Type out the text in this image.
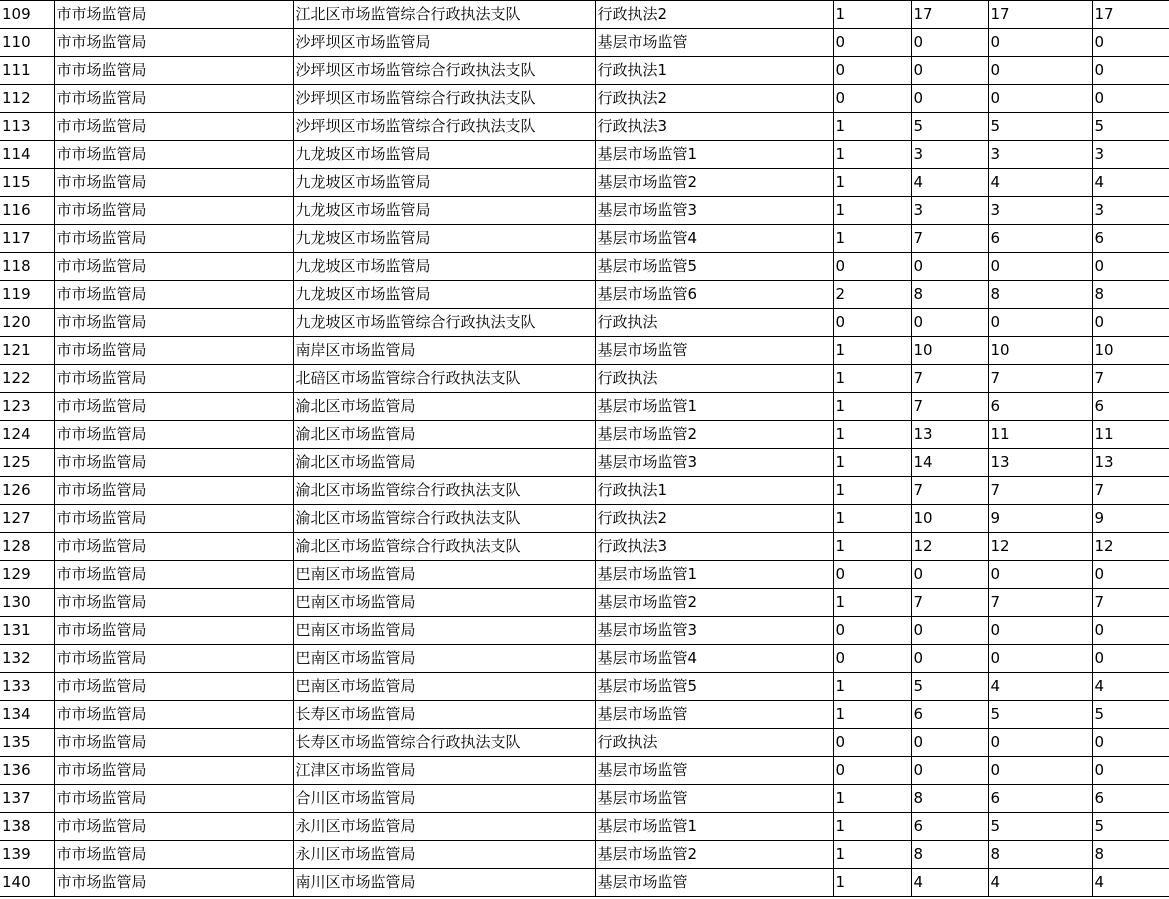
109	市市场监管局	江北区市场监管综合行政执法支队	行政执法2	1	17	17	17
110	市市场监管局	沙坪坝区市场监管局	基层市场监管	0	0	0	0
111	市市场监管局	沙坪坝区市场监管综合行政执法支队	行政执法1	0	0	0	0
112	市市场监管局	沙坪坝区市场监管综合行政执法支队	行政执法2	0	0	0	0
113	市市场监管局	沙坪坝区市场监管综合行政执法支队	行政执法3	1	5	5	5
114	市市场监管局	九龙坡区市场监管局	基层市场监管1	1	3	3	3
115	市市场监管局	九龙坡区市场监管局	基层市场监管2	1	4	4	4
116	市市场监管局	九龙坡区市场监管局	基层市场监管3	1	3	3	3
117	市市场监管局	九龙坡区市场监管局	基层市场监管4	1	7	6	6
118	市市场监管局	九龙坡区市场监管局	基层市场监管5	0	0	0	0
119	市市场监管局	九龙坡区市场监管局	基层市场监管6	2	8	8	8
120	市市场监管局	九龙坡区市场监管综合行政执法支队	行政执法	0	0	0	0
121	市市场监管局	南岸区市场监管局	基层市场监管	1	10	10	10
122	市市场监管局	北碚区市场监管综合行政执法支队	行政执法	1	7	7	7
123	市市场监管局	渝北区市场监管局	基层市场监管1	1	7	6	6
124	市市场监管局	渝北区市场监管局	基层市场监管2	1	13	11	11
125	市市场监管局	渝北区市场监管局	基层市场监管3	1	14	13	13
126	市市场监管局	渝北区市场监管综合行政执法支队	行政执法1	1	7	7	7
127	市市场监管局	渝北区市场监管综合行政执法支队	行政执法2	1	10	9	9
128	市市场监管局	渝北区市场监管综合行政执法支队	行政执法3	1	12	12	12
129	市市场监管局	巴南区市场监管局	基层市场监管1	0	0	0	0
130	市市场监管局	巴南区市场监管局	基层市场监管2	1	7	7	7
131	市市场监管局	巴南区市场监管局	基层市场监管3	0	0	0	0
132	市市场监管局	巴南区市场监管局	基层市场监管4	0	0	0	0
133	市市场监管局	巴南区市场监管局	基层市场监管5	1	5	4	4
134	市市场监管局	长寿区市场监管局	基层市场监管	1	6	5	5
135	市市场监管局	长寿区市场监管综合行政执法支队	行政执法	0	0	0	0
136	市市场监管局	江津区市场监管局	基层市场监管	0	0	0	0
137	市市场监管局	合川区市场监管局	基层市场监管	1	8	6	6
138	市市场监管局	永川区市场监管局	基层市场监管1	1	6	5	5
139	市市场监管局	永川区市场监管局	基层市场监管2	1	8	8	8
140	市市场监管局	南川区市场监管局	基层市场监管	1	4	4	4
